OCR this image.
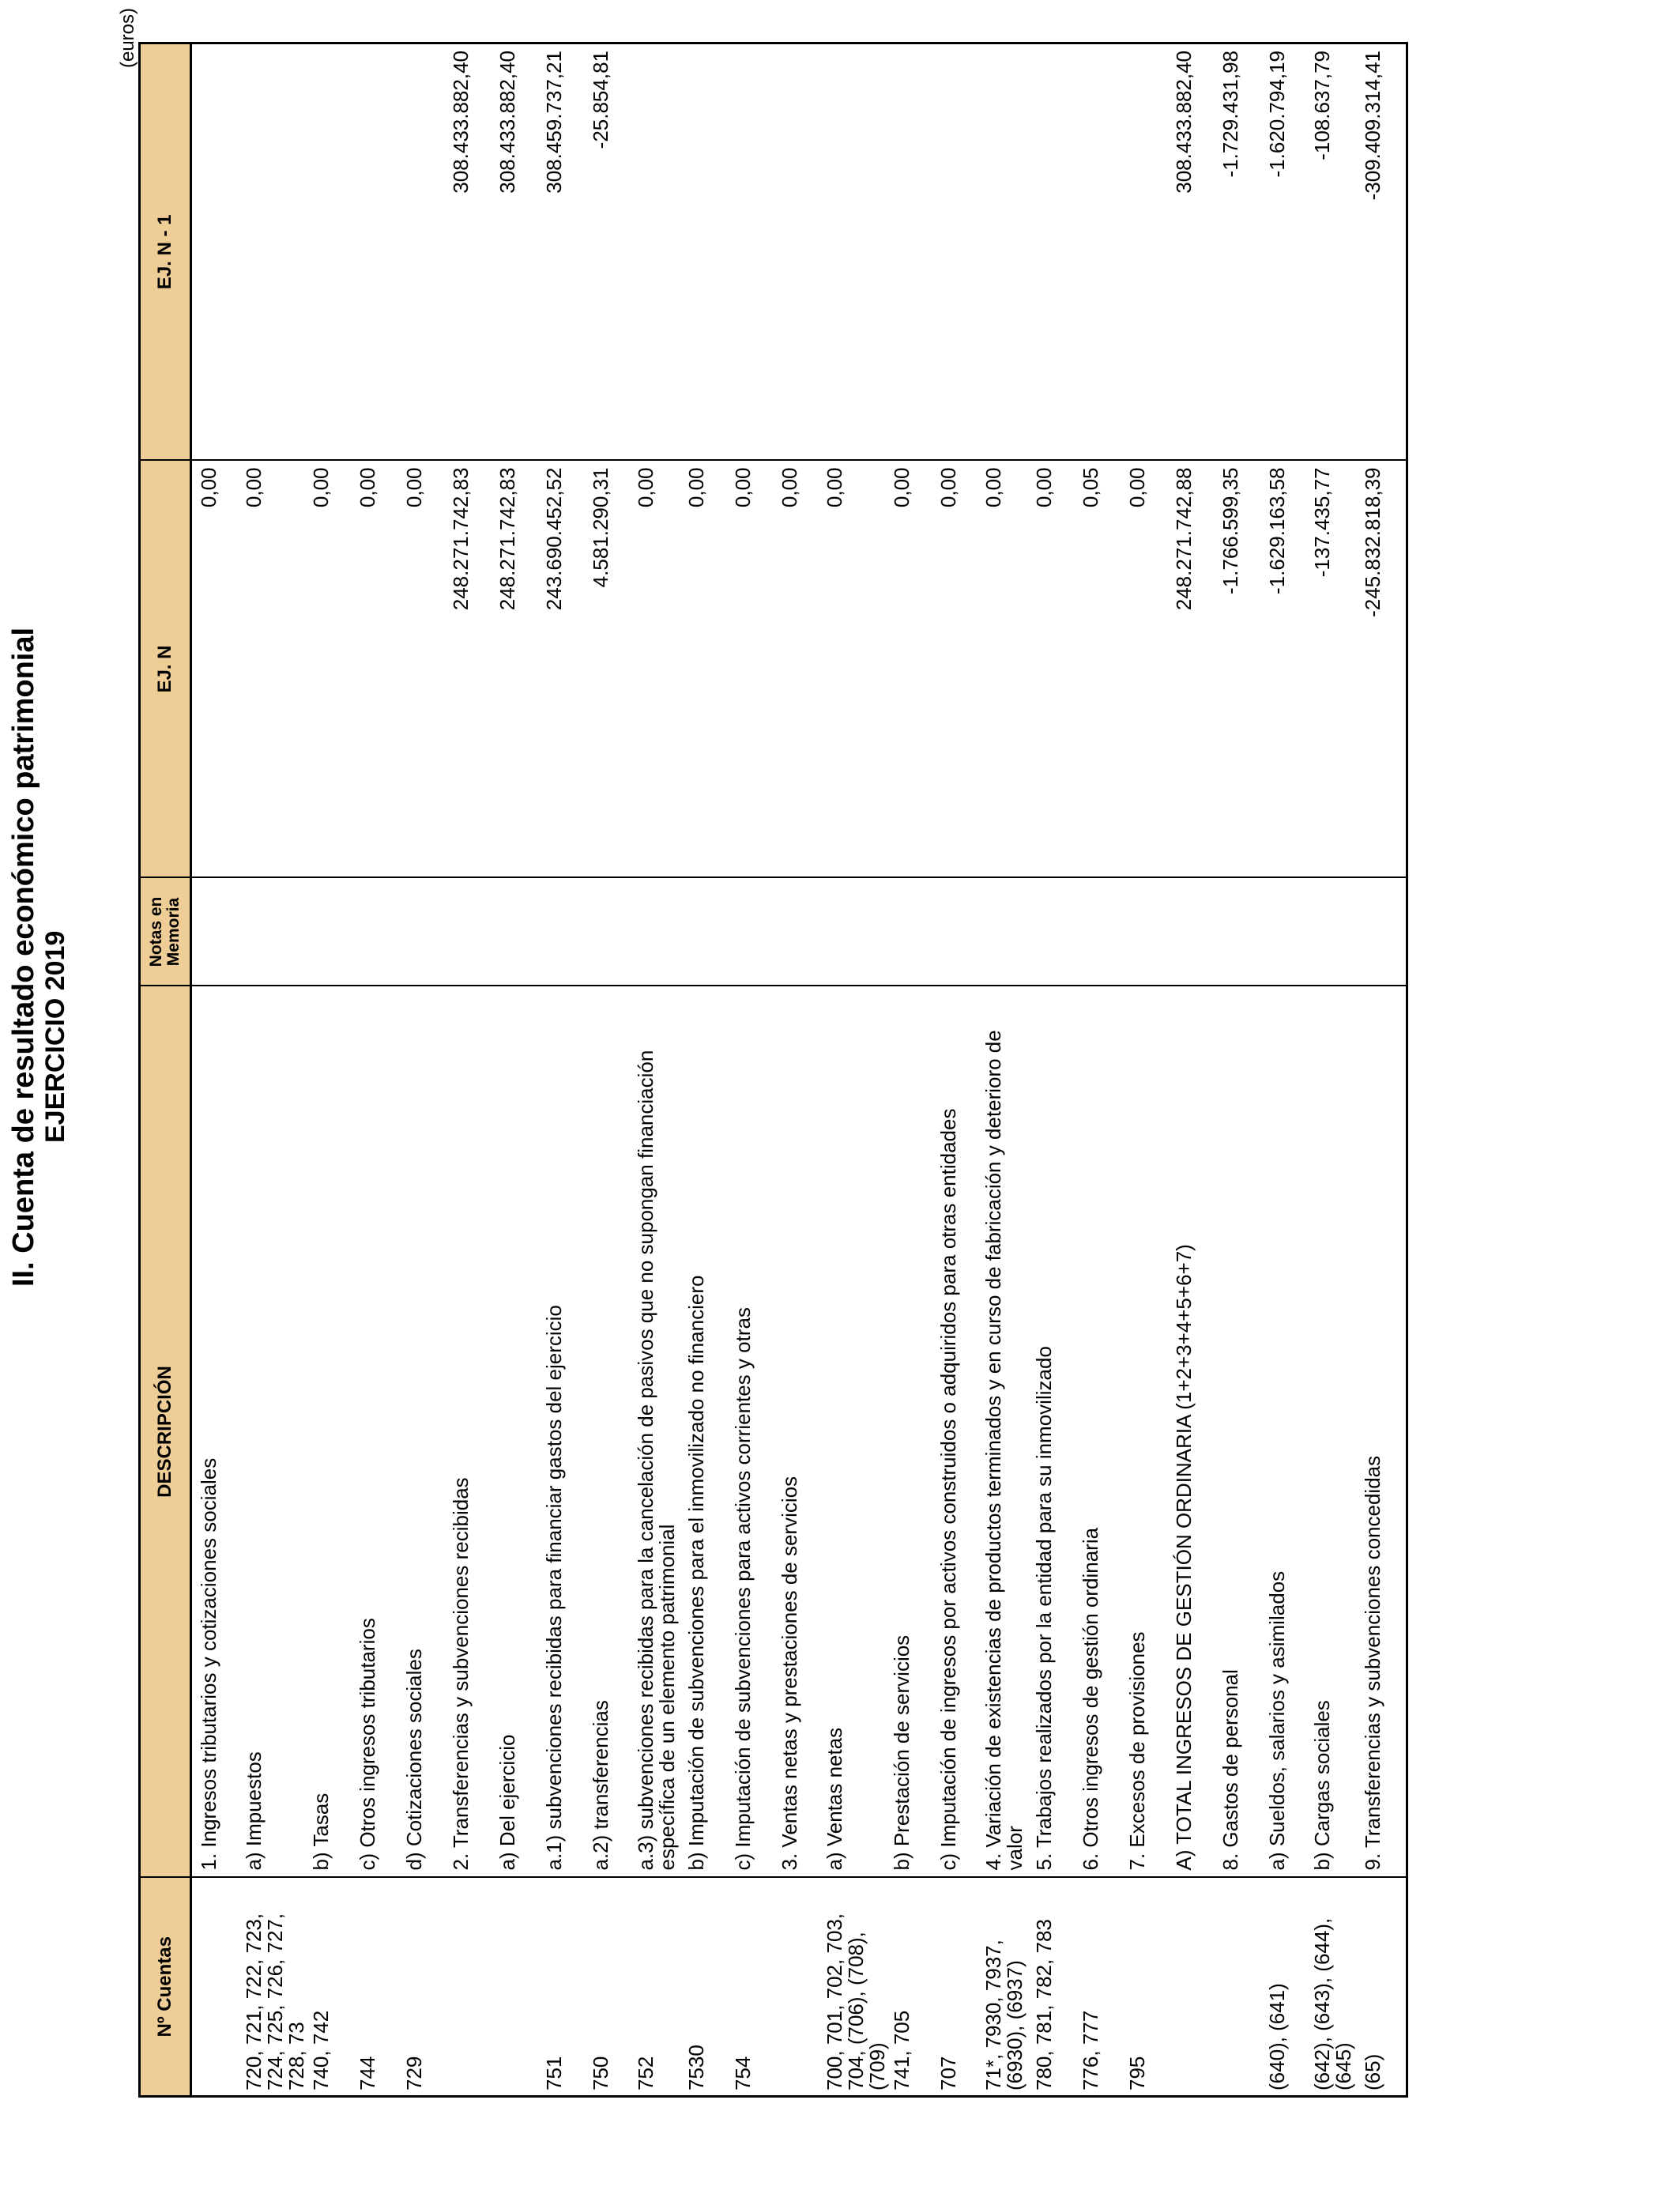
II. Cuenta de resultado económico patrimonial EJERCICIO 2019
(euros)
Nº Cuentas	DESCRIPCIÓN	Notas en Memoria	EJ. N	EJ. N - 1
	1. Ingresos tributarios y cotizaciones sociales		0,00	
720, 721, 722, 723, 724, 725, 726, 727, 728, 73	a) Impuestos		0,00	
740, 742	b) Tasas		0,00	
744	c) Otros ingresos tributarios		0,00	
729	d) Cotizaciones sociales		0,00	
	2. Transferencias y subvenciones recibidas		248.271.742,83	308.433.882,40
	a) Del ejercicio		248.271.742,83	308.433.882,40
751	a.1) subvenciones recibidas para financiar gastos del ejercicio		243.690.452,52	308.459.737,21
750	a.2) transferencias		4.581.290,31	-25.854,81
752	a.3) subvenciones recibidas para la cancelación de pasivos que no supongan financiación específica de un elemento patrimonial		0,00	
7530	b) Imputación de subvenciones para el inmovilizado no financiero		0,00	
754	c) Imputación de subvenciones para activos corrientes y otras		0,00	
	3. Ventas netas y prestaciones de servicios		0,00	
700, 701, 702, 703, 704, (706), (708), (709)	a) Ventas netas		0,00	
741, 705	b) Prestación de servicios		0,00	
707	c) Imputación de ingresos por activos construidos o adquiridos para otras entidades		0,00	
71*, 7930, 7937, (6930), (6937)	4. Variación de existencias de productos terminados y en curso de fabricación y deterioro de valor		0,00	
780, 781, 782, 783	5. Trabajos realizados por la entidad para su inmovilizado		0,00	
776, 777	6. Otros ingresos de gestión ordinaria		0,05	
795	7. Excesos de provisiones		0,00	
	A) TOTAL INGRESOS DE GESTIÓN ORDINARIA (1+2+3+4+5+6+7)		248.271.742,88	308.433.882,40
	8. Gastos de personal		-1.766.599,35	-1.729.431,98
(640), (641)	a) Sueldos, salarios y asimilados		-1.629.163,58	-1.620.794,19
(642), (643), (644), (645)	b) Cargas sociales		-137.435,77	-108.637,79
(65)	9. Transferencias y subvenciones concedidas		-245.832.818,39	-309.409.314,41
